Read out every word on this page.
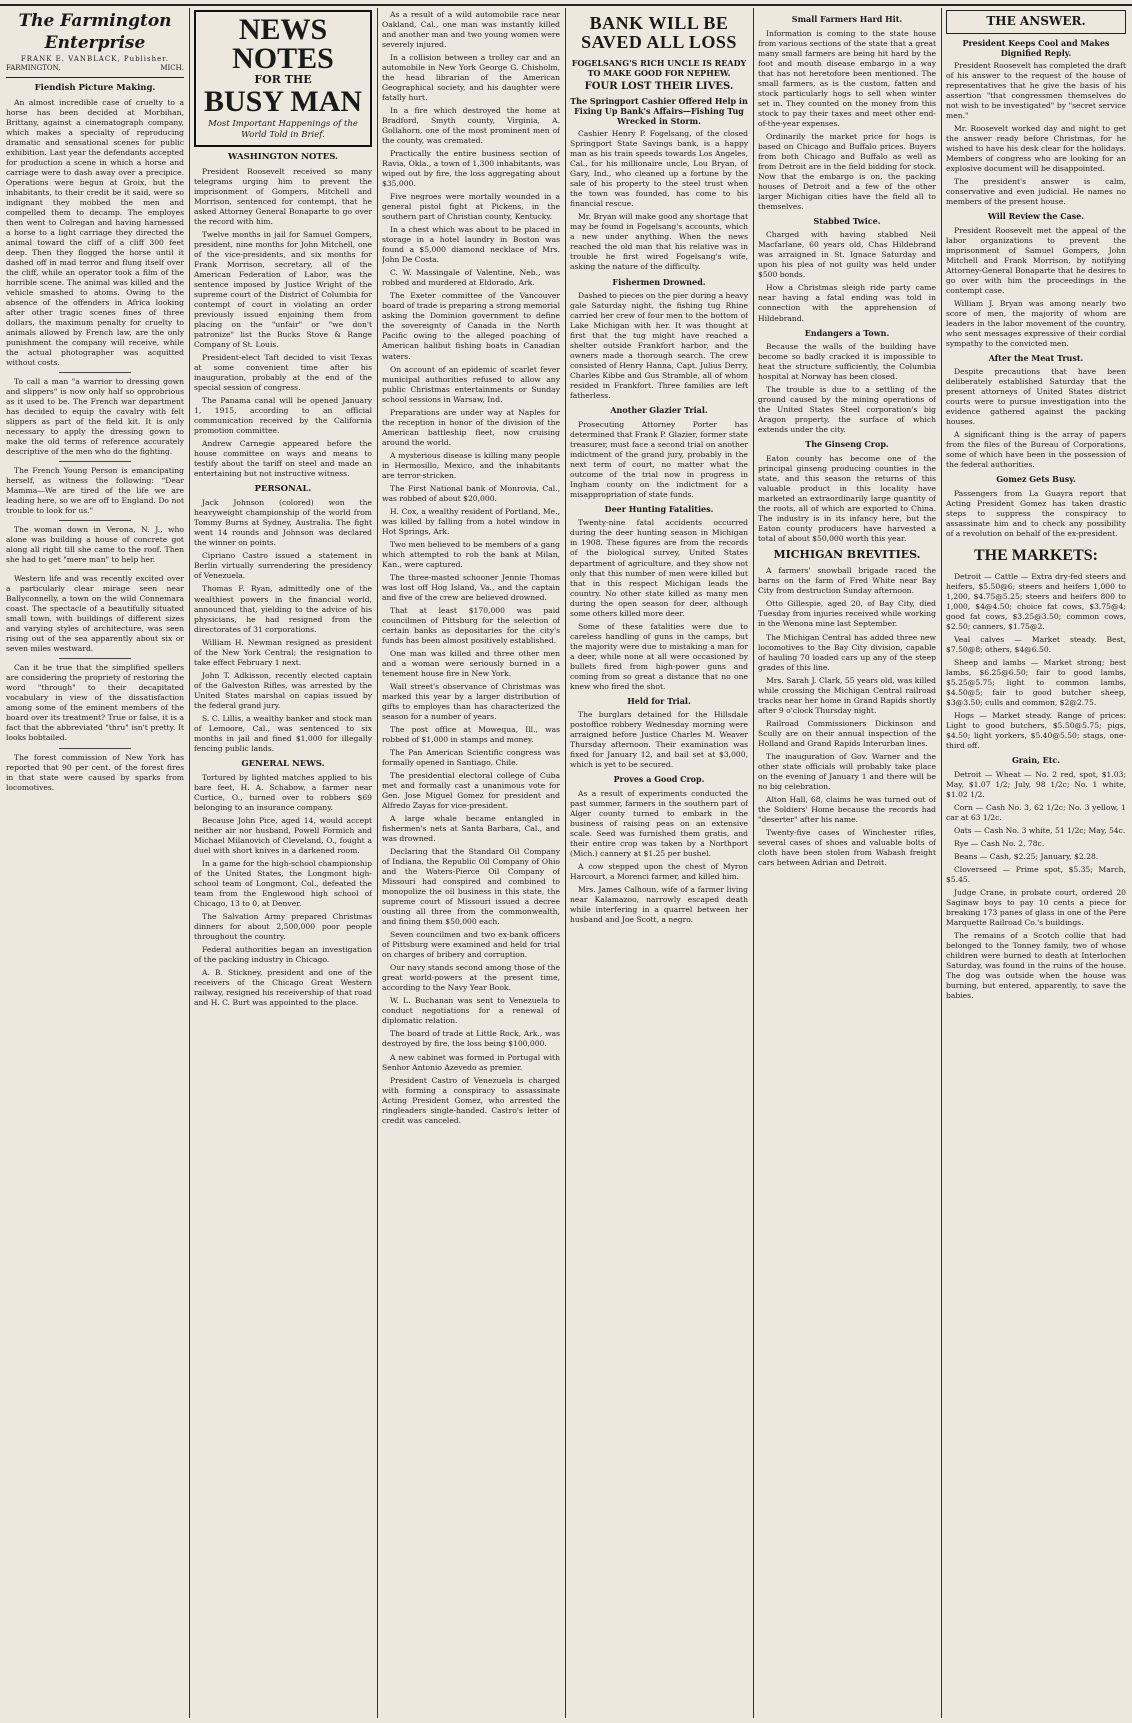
The Farmington Enterprise
FRANK E. VANBLACK, Publisher.
FARMINGTON,	MICH.
Fiendish Picture Making.

An almost incredible case of cruelty to a horse has been decided at Morbihan, Brittany, against a cinematograph company, which makes a specialty of reproducing dramatic and sensational scenes for public exhibition. Last year the defendants accepted for production a scene in which a horse and carriage were to dash away over a precipice. Operations were begun at Groix, but the inhabitants, to their credit be it said, were so indignant they mobbed the men and compelled them to decamp. The employes then went to Colregan and having harnessed a horse to a light carriage they directed the animal toward the cliff of a cliff 300 feet deep. Then they flogged the horse until it dashed off in mad terror and flung itself over the cliff, while an operator took a film of the horrible scene. The animal was killed and the vehicle smashed to atoms. Owing to the absence of the offenders in Africa looking after other tragic scenes fines of three dollars, the maximum penalty for cruelty to animals allowed by French law, are the only punishment the company will receive, while the actual photographer was acquitted without costs.

To call a man "a warrior to dressing gown and slippers" is now only half so opprobrious as it used to be. The French war department has decided to equip the cavalry with felt slippers as part of the field kit. It is only necessary to apply the dressing gown to make the old terms of reference accurately descriptive of the men who do the fighting.

The French Young Person is emancipating herself, as witness the following: "Dear Mamma—We are tired of the life we are leading here, so we are off to England. Do not trouble to look for us."

The woman down in Verona, N. J., who alone was building a house of concrete got along all right till she came to the roof. Then she had to get "mere man" to help her.

Western life and was recently excited over a particularly clear mirage seen near Ballyconnelly, a town on the wild Connemara coast. The spectacle of a beautifully situated small town, with buildings of different sizes and varying styles of architecture, was seen rising out of the sea apparently about six or seven miles westward.

Can it be true that the simplified spellers are considering the propriety of restoring the word "through" to their decapitated vocabulary in view of the dissatisfaction among some of the eminent members of the board over its treatment? True or false, it is a fact that the abbreviated "thru" isn't pretty. It looks bobtailed.

The forest commission of New York has reported that 90 per cent. of the forest fires in that state were caused by sparks from locomotives.

NEWS NOTES
FOR THE
BUSY MAN
Most Important Happenings of the World Told in Brief.
WASHINGTON NOTES.

President Roosevelt received so many telegrams urging him to prevent the imprisonment of Gompers, Mitchell and Morrison, sentenced for contempt, that he asked Attorney General Bonaparte to go over the record with him.

Twelve months in jail for Samuel Gompers, president, nine months for John Mitchell, one of the vice-presidents, and six months for Frank Morrison, secretary, all of the American Federation of Labor, was the sentence imposed by Justice Wright of the supreme court of the District of Columbia for contempt of court in violating an order previously issued enjoining them from placing on the "unfair" or "we don't patronize" list the Bucks Stove & Range Company of St. Louis.

President-elect Taft decided to visit Texas at some convenient time after his inauguration, probably at the end of the special session of congress.

The Panama canal will be opened January 1, 1915, according to an official communication received by the California promotion committee.

Andrew Carnegie appeared before the house committee on ways and means to testify about the tariff on steel and made an entertaining but not instructive witness.

PERSONAL.

Jack Johnson (colored) won the heavyweight championship of the world from Tommy Burns at Sydney, Australia. The fight went 14 rounds and Johnson was declared the winner on points.

Cipriano Castro issued a statement in Berlin virtually surrendering the presidency of Venezuela.

Thomas F. Ryan, admittedly one of the wealthiest powers in the financial world, announced that, yielding to the advice of his physicians, he had resigned from the directorates of 31 corporations.

William H. Newman resigned as president of the New York Central; the resignation to take effect February 1 next.

John T. Adkisson, recently elected captain of the Galveston Rifles, was arrested by the United States marshal on capias issued by the federal grand jury.

S. C. Lillis, a wealthy banker and stock man of Lemoore, Cal., was sentenced to six months in jail and fined $1,000 for illegally fencing public lands.

GENERAL NEWS.

Tortured by lighted matches applied to his bare feet, H. A. Schabow, a farmer near Curtice, O., turned over to robbers $69 belonging to an insurance company.

Because John Pice, aged 14, would accept neither air nor husband, Powell Formich and Michael Milanovich of Cleveland, O., fought a duel with short knives in a darkened room.

In a game for the high-school championship of the United States, the Longmont high-school team of Longmont, Col., defeated the team from the Englewood high school of Chicago, 13 to 0, at Denver.

The Salvation Army prepared Christmas dinners for about 2,500,000 poor people throughout the country.

Federal authorities began an investigation of the packing industry in Chicago.

A. B. Stickney, president and one of the receivers of the Chicago Great Western railway, resigned his receivership of that road and H. C. Burt was appointed to the place.

As a result of a wild automobile race near Oakland, Cal., one man was instantly killed and another man and two young women were severely injured.

In a collision between a trolley car and an automobile in New York George G. Chisholm, the head librarian of the American Geographical society, and his daughter were fatally hurt.

In a fire which destroyed the home at Bradford, Smyth county, Virginia, A. Gollahorn, one of the most prominent men of the county, was cremated.

Practically the entire business section of Ravia, Okla., a town of 1,300 inhabitants, was wiped out by fire, the loss aggregating about $35,000.

Five negroes were mortally wounded in a general pistol fight at Pickens, in the southern part of Christian county, Kentucky.

In a chest which was about to be placed in storage in a hotel laundry in Boston was found a $5,000 diamond necklace of Mrs. John De Costa.

C. W. Massingale of Valentine, Neb., was robbed and murdered at Eldorado, Ark.

The Exeter committee of the Vancouver board of trade is preparing a strong memorial asking the Dominion government to define the sovereignty of Canada in the North Pacific owing to the alleged poaching of American halibut fishing boats in Canadian waters.

On account of an epidemic of scarlet fever municipal authorities refused to allow any public Christmas entertainments or Sunday school sessions in Warsaw, Ind.

Preparations are under way at Naples for the reception in honor of the division of the American battleship fleet, now cruising around the world.

A mysterious disease is killing many people in Hermosillo, Mexico, and the inhabitants are terror-stricken.

The First National bank of Monrovia, Cal., was robbed of about $20,000.

H. Cox, a wealthy resident of Portland, Me., was killed by falling from a hotel window in Hot Springs, Ark.

Two men believed to be members of a gang which attempted to rob the bank at Milan, Kan., were captured.

The three-masted schooner Jennie Thomas was lost off Hog Island, Va., and the captain and five of the crew are believed drowned.

That at least $170,000 was paid councilmen of Pittsburg for the selection of certain banks as depositaries for the city's funds has been almost positively established.

One man was killed and three other men and a woman were seriously burned in a tenement house fire in New York.

Wall street's observance of Christmas was marked this year by a larger distribution of gifts to employes than has characterized the season for a number of years.

The post office at Mowequa, Ill., was robbed of $1,000 in stamps and money.

The Pan American Scientific congress was formally opened in Santiago, Chile.

The presidential electoral college of Cuba met and formally cast a unanimous vote for Gen. Jose Miguel Gomez for president and Alfredo Zayas for vice-president.

A large whale became entangled in fishermen's nets at Santa Barbara, Cal., and was drowned.

Declaring that the Standard Oil Company of Indiana, the Republic Oil Company of Ohio and the Waters-Pierce Oil Company of Missouri had conspired and combined to monopolize the oil business in this state, the supreme court of Missouri issued a decree ousting all three from the commonwealth, and fining them $50,000 each.

Seven councilmen and two ex-bank officers of Pittsburg were examined and held for trial on charges of bribery and corruption.

Our navy stands second among those of the great world-powers at the present time, according to the Navy Year Book.

W. L. Buchanan was sent to Venezuela to conduct negotiations for a renewal of diplomatic relation.

The board of trade at Little Rock, Ark., was destroyed by fire, the loss being $100,000.

A new cabinet was formed in Portugal with Senhor Antonio Azevedo as premier.

President Castro of Venezuela is charged with forming a conspiracy to assassinate Acting President Gomez, who arrested the ringleaders single-handed. Castro's letter of credit was canceled.

BANK WILL BE SAVED ALL LOSS
FOGELSANG'S RICH UNCLE IS READY TO MAKE GOOD FOR NEPHEW.
FOUR LOST THEIR LIVES.
The Springport Cashier Offered Help in Fixing Up Bank's Affairs—Fishing Tug Wrecked in Storm.

Cashier Henry P. Fogelsang, of the closed Springport State Savings bank, is a happy man as his train speeds towards Los Angeles, Cal., for his millionaire uncle, Lou Bryan, of Gary, Ind., who cleaned up a fortune by the sale of his property to the steel trust when the town was founded, has come to his financial rescue.

Mr. Bryan will make good any shortage that may be found in Fogelsang's accounts, which a new under anything. When the news reached the old man that his relative was in trouble he first wired Fogelsang's wife, asking the nature of the difficulty.

Fishermen Drowned.

Dashed to pieces on the pier during a heavy gale Saturday night, the fishing tug Rhine carried her crew of four men to the bottom of Lake Michigan with her. It was thought at first that the tug might have reached a shelter outside Frankfort harbor, and the owners made a thorough search. The crew consisted of Henry Hanna, Capt. Julius Derry, Charles Kibbe and Gus Stramble, all of whom resided in Frankfort. Three families are left fatherless.

Another Glazier Trial.

Prosecuting Attorney Porter has determined that Frank P. Glazier, former state treasurer, must face a second trial on another indictment of the grand jury, probably in the next term of court, no matter what the outcome of the trial now in progress in Ingham county on the indictment for a misappropriation of state funds.

Deer Hunting Fatalities.

Twenty-nine fatal accidents occurred during the deer hunting season in Michigan in 1908. These figures are from the records of the biological survey, United States department of agriculture, and they show not only that this number of men were killed but that in this respect Michigan leads the country. No other state killed as many men during the open season for deer, although some others killed more deer.

Some of these fatalities were due to careless handling of guns in the camps, but the majority were due to mistaking a man for a deer, while none at all were occasioned by bullets fired from high-power guns and coming from so great a distance that no one knew who fired the shot.

Held for Trial.

The burglars detained for the Hillsdale postoffice robbery Wednesday morning were arraigned before Justice Charles M. Weaver Thursday afternoon. Their examination was fixed for January 12, and bail set at $3,000, which is yet to be secured.

Proves a Good Crop.

As a result of experiments conducted the past summer, farmers in the southern part of Alger county turned to embark in the business of raising peas on an extensive scale. Seed was furnished them gratis, and their entire crop was taken by a Northport (Mich.) cannery at $1.25 per bushel.

A cow stepped upon the chest of Myron Harcourt, a Morenci farmer, and killed him.

Mrs. James Calhoun, wife of a farmer living near Kalamazoo, narrowly escaped death while interfering in a quarrel between her husband and Joe Scott, a negro.

Small Farmers Hard Hit.

Information is coming to the state house from various sections of the state that a great many small farmers are being hit hard by the foot and mouth disease embargo in a way that has not heretofore been mentioned. The small farmers, as is the custom, fatten and stock particularly hogs to sell when winter set in. They counted on the money from this stock to pay their taxes and meet other end-of-the-year expenses.

Ordinarily the market price for hogs is based on Chicago and Buffalo prices. Buyers from both Chicago and Buffalo as well as from Detroit are in the field bidding for stock. Now that the embargo is on, the packing houses of Detroit and a few of the other larger Michigan cities have the field all to themselves.

Stabbed Twice.

Charged with having stabbed Neil Macfarlane, 60 years old, Chas Hildebrand was arraigned in St. Ignace Saturday and upon his plea of not guilty was held under $500 bonds.

How a Christmas sleigh ride party came near having a fatal ending was told in connection with the apprehension of Hildebrand.

Endangers a Town.

Because the walls of the building have become so badly cracked it is impossible to heat the structure sufficiently, the Columbia hospital at Norway has been closed.

The trouble is due to a settling of the ground caused by the mining operations of the United States Steel corporation's big Aragon property, the surface of which extends under the city.

The Ginseng Crop.

Eaton county has become one of the principal ginseng producing counties in the state, and this season the returns of this valuable product in this locality have marketed an extraordinarily large quantity of the roots, all of which are exported to China. The industry is in its infancy here, but the Eaton county producers have harvested a total of about $50,000 worth this year.

MICHIGAN BREVITIES.

A farmers' snowball brigade raced the barns on the farm of Fred White near Bay City from destruction Sunday afternoon.

Otto Gillespie, aged 20, of Bay City, died Tuesday from injuries received while working in the Wenona mine last September.

The Michigan Central has added three new locomotives to the Bay City division, capable of hauling 70 loaded cars up any of the steep grades of this line.

Mrs. Sarah J. Clark, 55 years old, was killed while crossing the Michigan Central railroad tracks near her home in Grand Rapids shortly after 9 o'clock Thursday night.

Railroad Commissioners Dickinson and Scully are on their annual inspection of the Holland and Grand Rapids Interurban lines.

The inauguration of Gov. Warner and the other state officials will probably take place on the evening of January 1 and there will be no big celebration.

Alton Hall, 68, claims he was turned out of the Soldiers' Home because the records had "deserter" after his name.

Twenty-five cases of Winchester rifles, several cases of shoes and valuable bolts of cloth have been stolen from Wabash freight cars between Adrian and Detroit.

THE ANSWER.
President Keeps Cool and Makes Dignified Reply.

President Roosevelt has completed the draft of his answer to the request of the house of representatives that he give the basis of his assertion "that congressmen themselves do not wish to be investigated" by "secret service men."

Mr. Roosevelt worked day and night to get the answer ready before Christmas, for he wished to have his desk clear for the holidays. Members of congress who are looking for an explosive document will be disappointed.

The president's answer is calm, conservative and even judicial. He names no members of the present house.

Will Review the Case.

President Roosevelt met the appeal of the labor organizations to prevent the imprisonment of Samuel Gompers, John Mitchell and Frank Morrison, by notifying Attorney-General Bonaparte that he desires to go over with him the proceedings in the contempt case.

William J. Bryan was among nearly two score of men, the majority of whom are leaders in the labor movement of the country, who sent messages expressive of their cordial sympathy to the convicted men.

After the Meat Trust.

Despite precautions that have been deliberately established Saturday that the present attorneys of United States district courts were to pursue investigation into the evidence gathered against the packing houses.

A significant thing is the array of papers from the files of the Bureau of Corporations, some of which have been in the possession of the federal authorities.

Gomez Gets Busy.

Passengers from La Guayra report that Acting President Gomez has taken drastic steps to suppress the conspiracy to assassinate him and to check any possibility of a revolution on behalf of the ex-president.

THE MARKETS:

Detroit — Cattle — Extra dry-fed steers and heifers, $5.50@6; steers and heifers 1,000 to 1,200, $4.75@5.25; steers and heifers 800 to 1,000, $4@4.50; choice fat cows, $3.75@4; good fat cows, $3.25@3.50; common cows, $2.50; canners, $1.75@2.

Veal calves — Market steady. Best, $7.50@8; others, $4@6.50.

Sheep and lambs — Market strong; best lambs, $6.25@6.50; fair to good lambs, $5.25@5.75; light to common lambs, $4.50@5; fair to good butcher sheep, $3@3.50; culls and common, $2@2.75.

Hogs — Market steady. Range of prices: Light to good butchers, $5.50@5.75; pigs, $4.50; light yorkers, $5.40@5.50; stags, one-third off.

Grain, Etc.

Detroit — Wheat — No. 2 red, spot, $1.03; May, $1.07 1/2; July, 98 1/2c; No. 1 white, $1.02 1/2.

Corn — Cash No. 3, 62 1/2c; No. 3 yellow, 1 car at 63 1/2c.

Oats — Cash No. 3 white, 51 1/2c; May, 54c.

Rye — Cash No. 2, 78c.

Beans — Cash, $2.25; January, $2.28.

Cloverseed — Prime spot, $5.35; March, $5.45.

Judge Crane, in probate court, ordered 20 Saginaw boys to pay 10 cents a piece for breaking 173 panes of glass in one of the Pere Marquette Railroad Co.'s buildings.

The remains of a Scotch collie that had belonged to the Tonney family, two of whose children were burned to death at Interlochen Saturday, was found in the ruins of the house. The dog was outside when the house was burning, but entered, apparently, to save the babies.
